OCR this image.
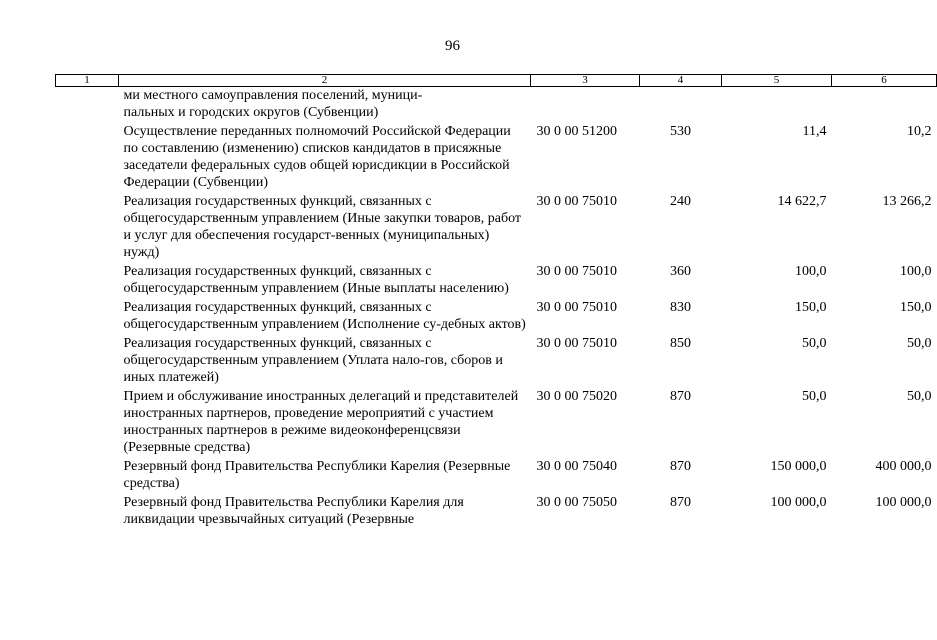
96
1	2	3	4	5	6
	ми местного самоуправления поселений, муници-
пальных и городских округов (Субвенции)				
	Осуществление переданных полномочий Российской Федерации по составлению (изменению) списков кандидатов в присяжные заседатели федеральных судов общей юрисдикции в Российской Федерации (Субвенции)	30 0 00 51200	530	11,4	10,2
	Реализация государственных функций, связанных с общегосударственным управлением (Иные закупки товаров, работ и услуг для обеспечения государст-венных (муниципальных) нужд)	30 0 00 75010	240	14 622,7	13 266,2
	Реализация государственных функций, связанных с общегосударственным управлением (Иные выплаты населению)	30 0 00 75010	360	100,0	100,0
	Реализация государственных функций, связанных с общегосударственным управлением (Исполнение су-дебных актов)	30 0 00 75010	830	150,0	150,0
	Реализация государственных функций, связанных с общегосударственным управлением (Уплата нало-гов, сборов и иных платежей)	30 0 00 75010	850	50,0	50,0
	Прием и обслуживание иностранных делегаций и представителей иностранных партнеров, проведение мероприятий с участием иностранных партнеров в режиме видеоконференцсвязи (Резервные средства)	30 0 00 75020	870	50,0	50,0
	Резервный фонд Правительства Республики Карелия (Резервные средства)	30 0 00 75040	870	150 000,0	400 000,0
	Резервный фонд Правительства Республики Карелия для ликвидации чрезвычайных ситуаций (Резервные	30 0 00 75050	870	100 000,0	100 000,0
